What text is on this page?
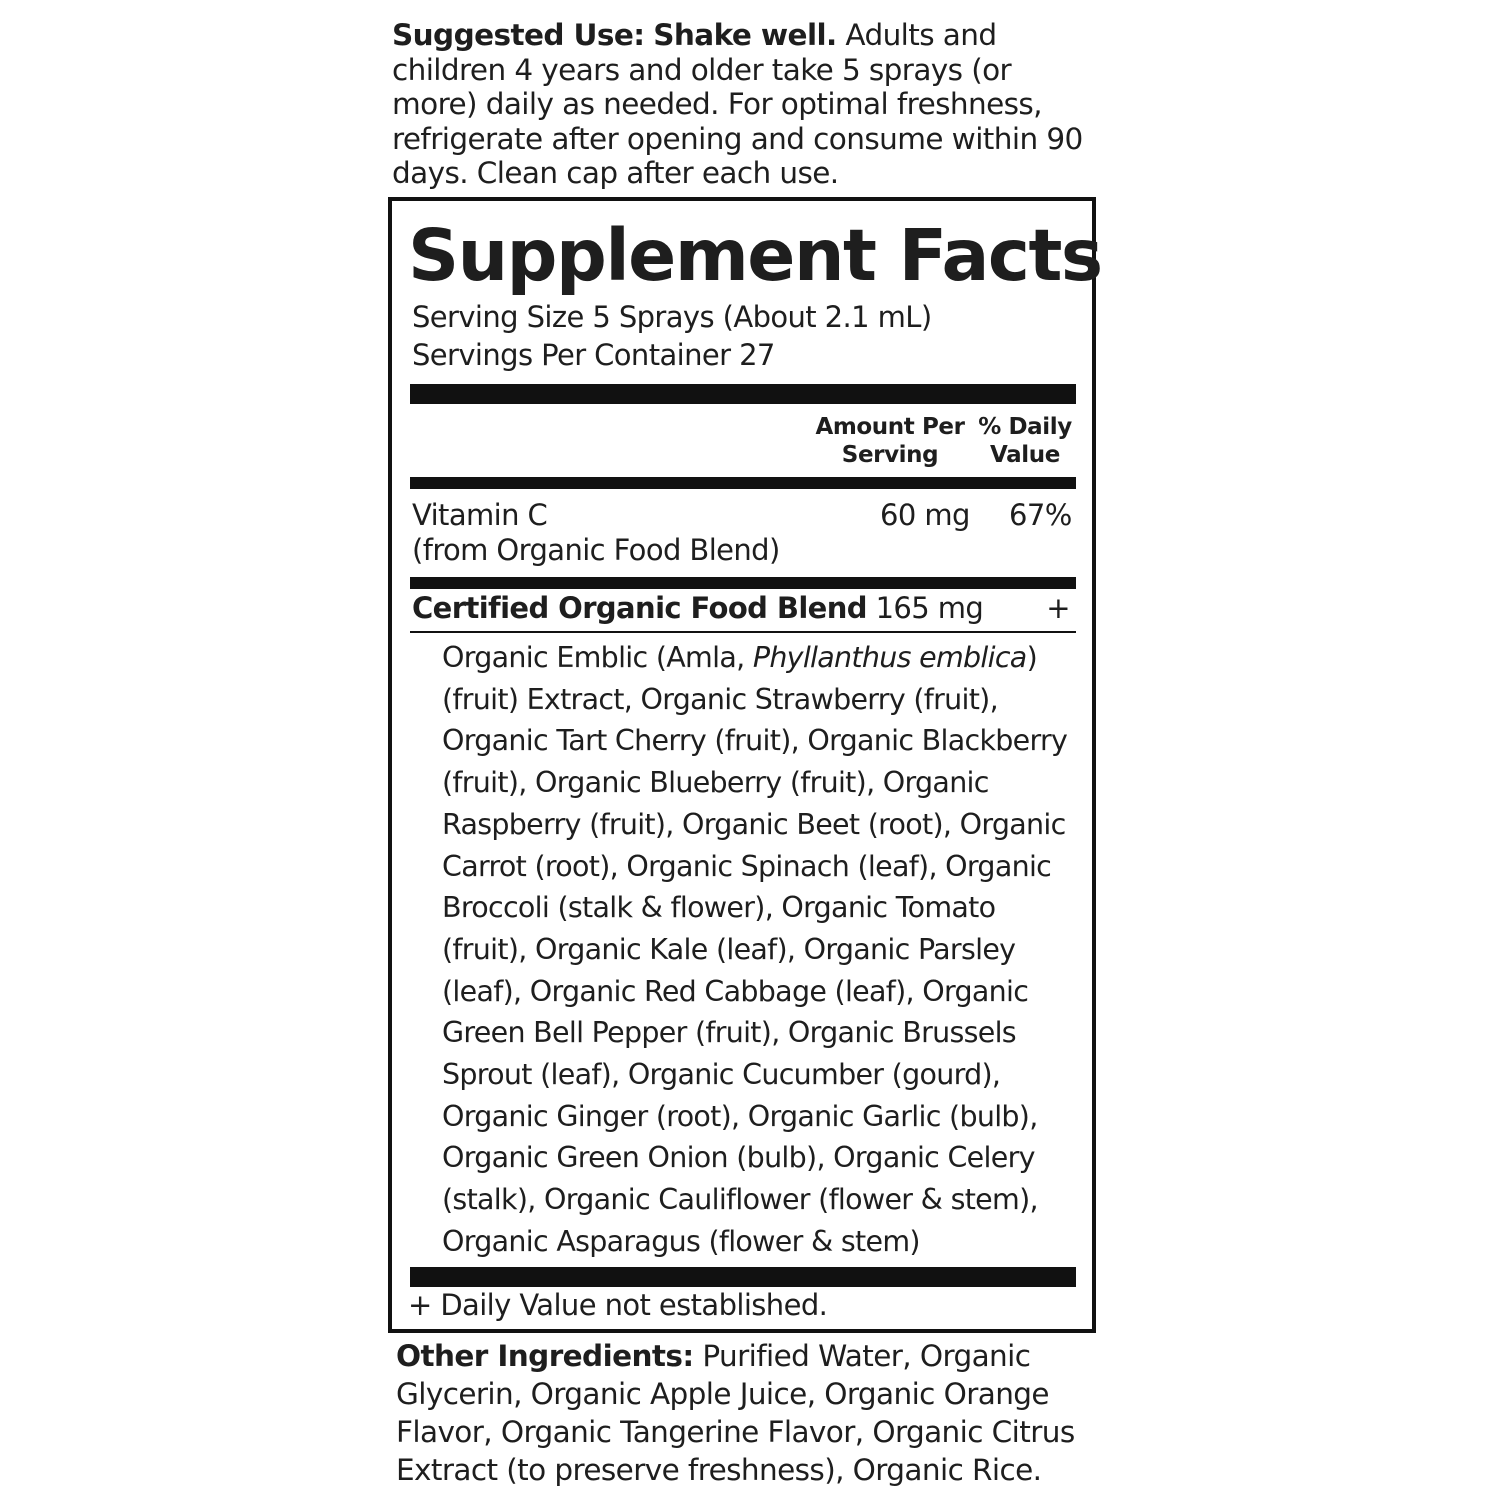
Suggested Use: Shake well. Adults and children 4 years and older take 5 sprays (or more) daily as needed. For optimal freshness, refrigerate after opening and consume within 90 days. Clean cap after each use.
Supplement Facts
Serving Size 5 Sprays (About 2.1 mL)
Servings Per Container 27
Amount Per
Serving
% Daily
Value
Vitamin C
(from Organic Food Blend)
60 mg 67%
Certified Organic Food Blend 165 mg +
Organic Emblic (Amla, Phyllanthus emblica) (fruit) Extract, Organic Strawberry (fruit), Organic Tart Cherry (fruit), Organic Blackberry (fruit), Organic Blueberry (fruit), Organic Raspberry (fruit), Organic Beet (root), Organic Carrot (root), Organic Spinach (leaf), Organic Broccoli (stalk & flower), Organic Tomato (fruit), Organic Kale (leaf), Organic Parsley (leaf), Organic Red Cabbage (leaf), Organic Green Bell Pepper (fruit), Organic Brussels Sprout (leaf), Organic Cucumber (gourd), Organic Ginger (root), Organic Garlic (bulb), Organic Green Onion (bulb), Organic Celery (stalk), Organic Cauliflower (flower & stem), Organic Asparagus (flower & stem)
+ Daily Value not established.
Other Ingredients: Purified Water, Organic Glycerin, Organic Apple Juice, Organic Orange Flavor, Organic Tangerine Flavor, Organic Citrus Extract (to preserve freshness), Organic Rice.
